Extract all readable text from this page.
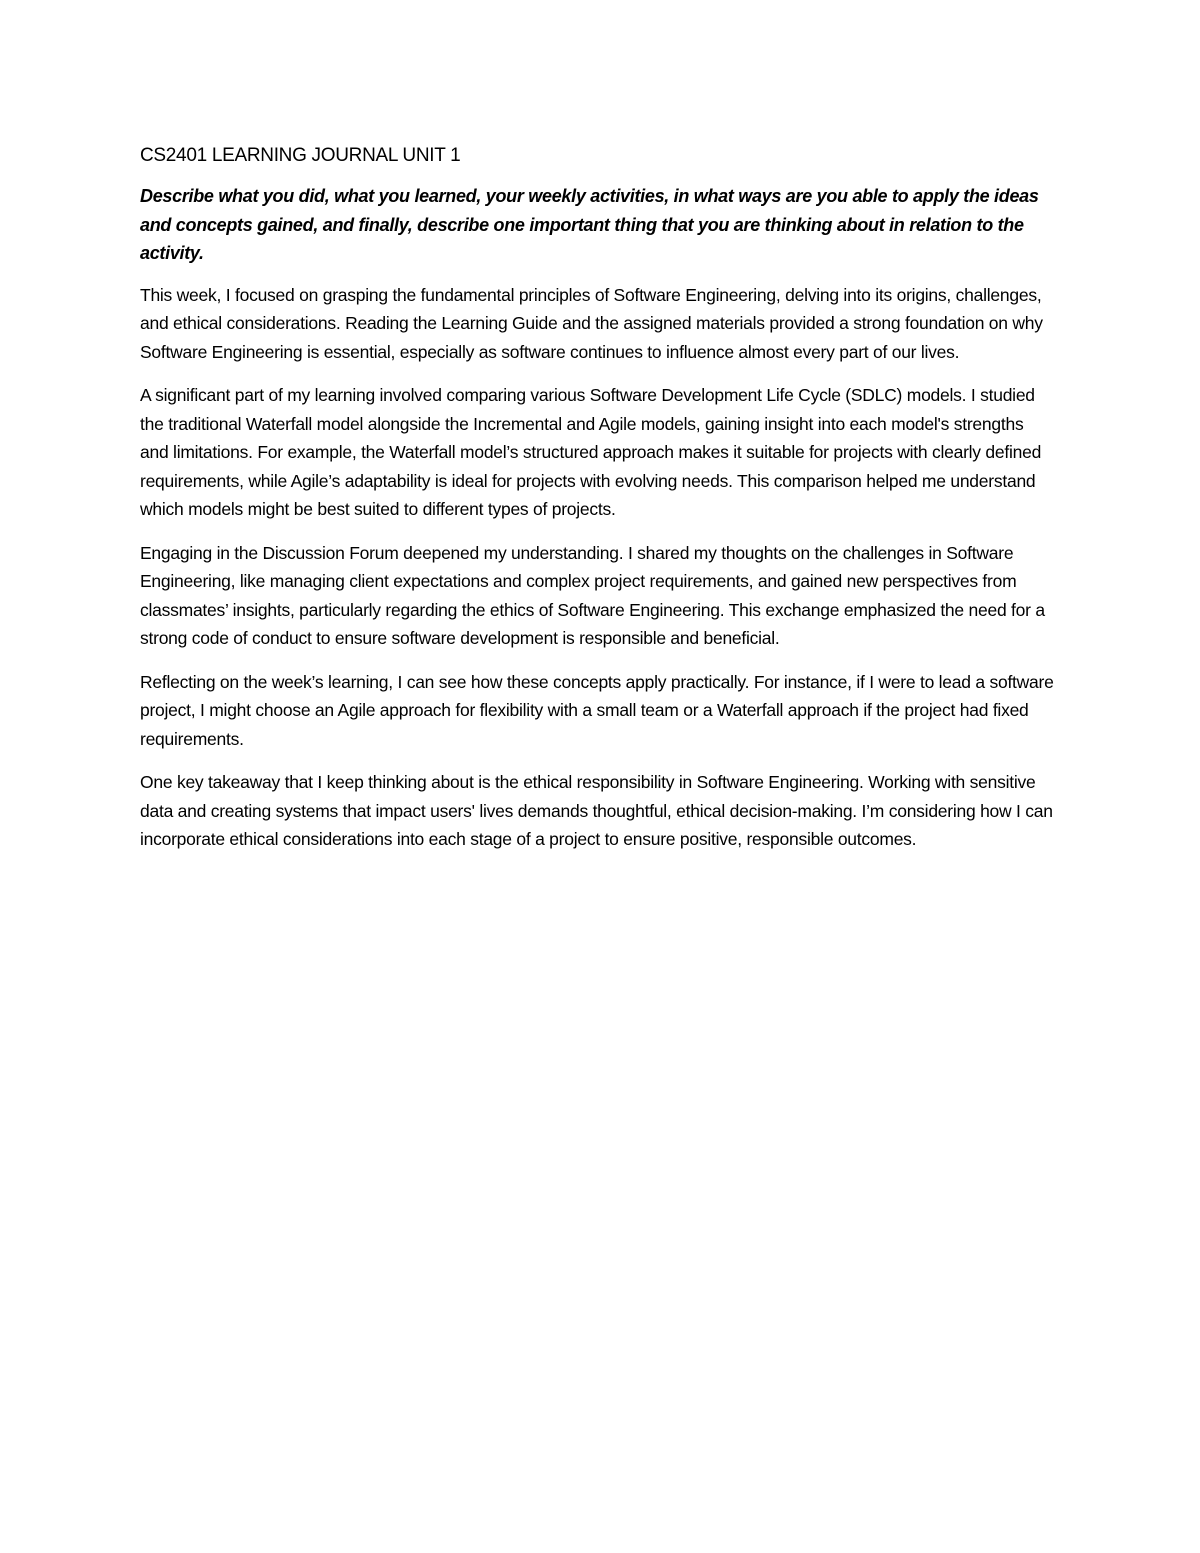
CS2401 LEARNING JOURNAL UNIT 1

Describe what you did, what you learned, your weekly activities, in what ways are you able to apply the ideas and concepts gained, and finally, describe one important thing that you are thinking about in relation to the activity.

This week, I focused on grasping the fundamental principles of Software Engineering, delving into its origins, challenges, and ethical considerations. Reading the Learning Guide and the assigned materials provided a strong foundation on why Software Engineering is essential, especially as software continues to influence almost every part of our lives.

A significant part of my learning involved comparing various Software Development Life Cycle (SDLC) models. I studied the traditional Waterfall model alongside the Incremental and Agile models, gaining insight into each model's strengths and limitations. For example, the Waterfall model’s structured approach makes it suitable for projects with clearly defined requirements, while Agile’s adaptability is ideal for projects with evolving needs. This comparison helped me understand which models might be best suited to different types of projects.

Engaging in the Discussion Forum deepened my understanding. I shared my thoughts on the challenges in Software Engineering, like managing client expectations and complex project requirements, and gained new perspectives from classmates’ insights, particularly regarding the ethics of Software Engineering. This exchange emphasized the need for a strong code of conduct to ensure software development is responsible and beneficial.

Reflecting on the week’s learning, I can see how these concepts apply practically. For instance, if I were to lead a software project, I might choose an Agile approach for flexibility with a small team or a Waterfall approach if the project had fixed requirements.

One key takeaway that I keep thinking about is the ethical responsibility in Software Engineering. Working with sensitive data and creating systems that impact users' lives demands thoughtful, ethical decision-making. I’m considering how I can incorporate ethical considerations into each stage of a project to ensure positive, responsible outcomes.
